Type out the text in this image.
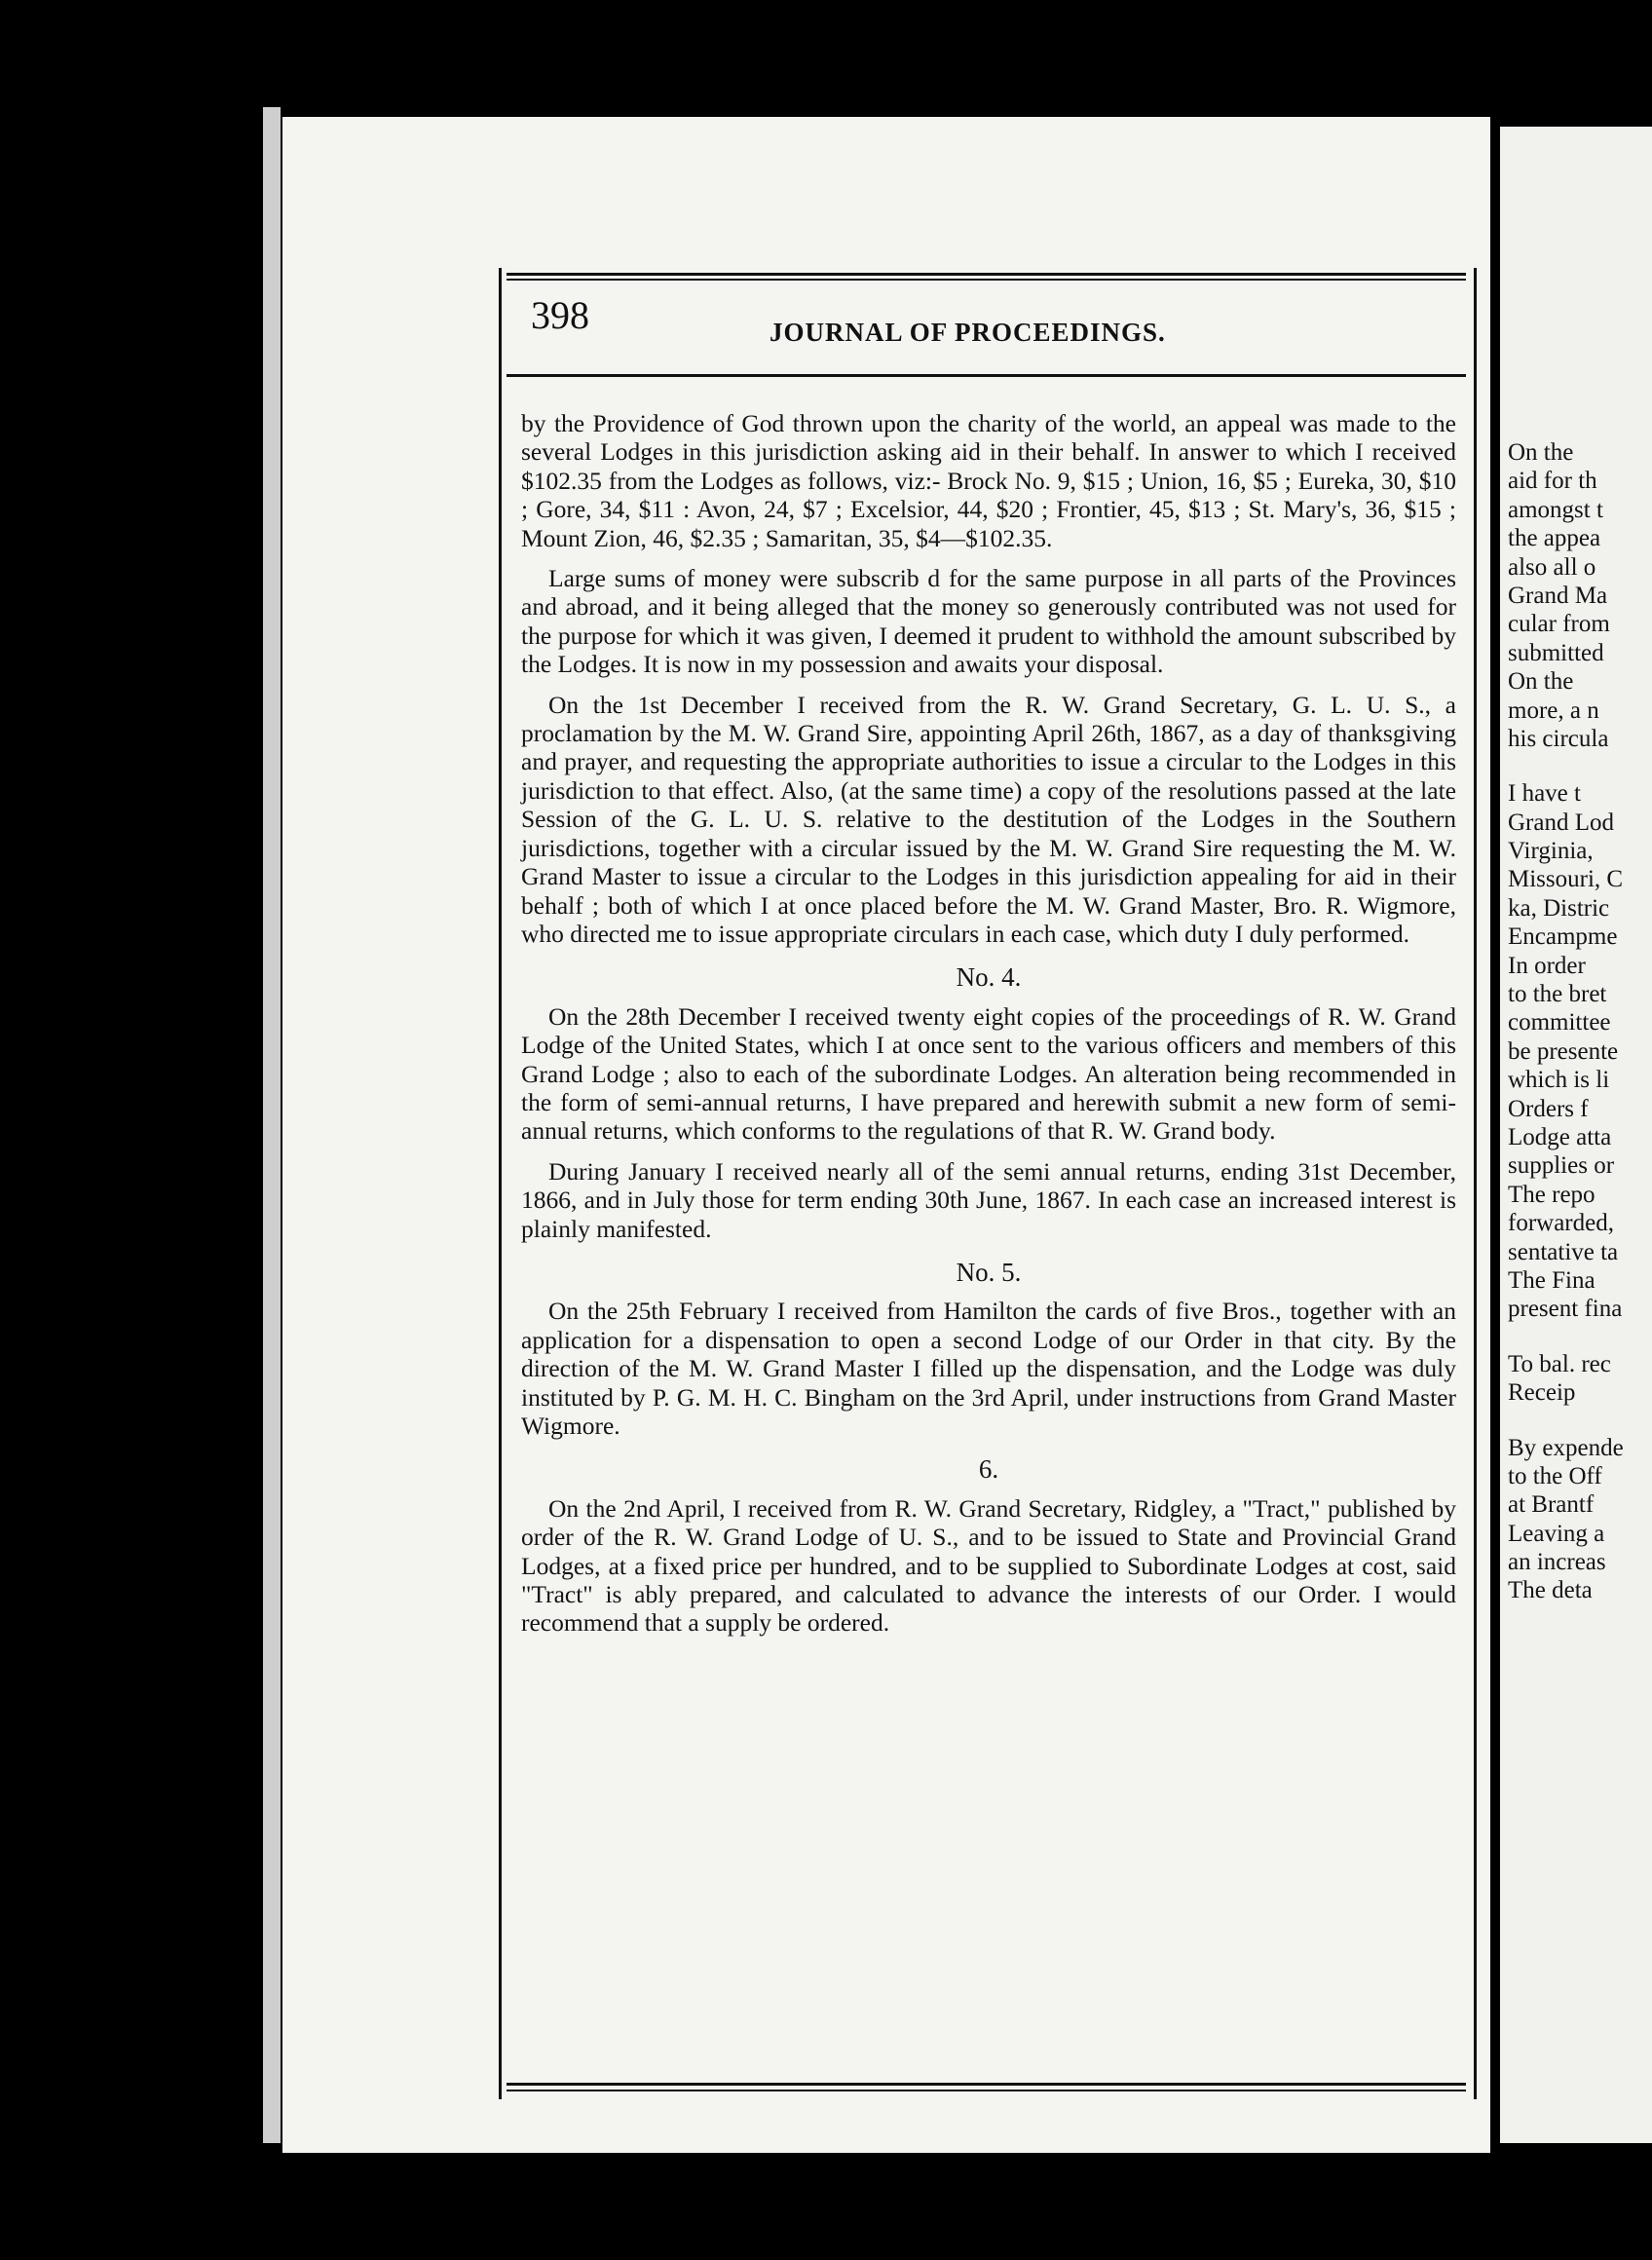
On the
aid for th
amongst t
the appea
also all o
Grand Ma
cular from
submitted
On the
more, a n
his circula
I have t
Grand Lod
Virginia,
Missouri, C
ka, Distric
Encampme
In order
to the bret
committee
be presente
which is li
Orders f
Lodge atta
supplies or
The repo
forwarded,
sentative ta
The Fina
present fina
To bal. rec
Receip
By expende
to the Off
at Brantf
Leaving a
an increas
The deta
398	JOURNAL OF PROCEEDINGS.

by the Providence of God thrown upon the charity of the world, an appeal was made to the several Lodges in this jurisdiction asking aid in their behalf. In answer to which I received $102.35 from the Lodges as follows, viz:- Brock No. 9, $15 ; Union, 16, $5 ; Eureka, 30, $10 ; Gore, 34, $11 : Avon, 24, $7 ; Excelsior, 44, $20 ; Frontier, 45, $13 ; St. Mary's, 36, $15 ; Mount Zion, 46, $2.35 ; Samaritan, 35, $4—$102.35.

Large sums of money were subscrib d for the same purpose in all parts of the Provinces and abroad, and it being alleged that the money so generously contributed was not used for the purpose for which it was given, I deemed it prudent to withhold the amount subscribed by the Lodges. It is now in my possession and awaits your disposal.

On the 1st December I received from the R. W. Grand Secretary, G. L. U. S., a proclamation by the M. W. Grand Sire, appointing April 26th, 1867, as a day of thanksgiving and prayer, and requesting the appropriate authorities to issue a circular to the Lodges in this jurisdiction to that effect. Also, (at the same time) a copy of the resolutions passed at the late Session of the G. L. U. S. relative to the destitution of the Lodges in the Southern jurisdictions, together with a circular issued by the M. W. Grand Sire requesting the M. W. Grand Master to issue a circular to the Lodges in this jurisdiction appealing for aid in their behalf ; both of which I at once placed before the M. W. Grand Master, Bro. R. Wigmore, who directed me to issue appropriate circulars in each case, which duty I duly performed.

No. 4.

On the 28th December I received twenty eight copies of the proceedings of R. W. Grand Lodge of the United States, which I at once sent to the various officers and members of this Grand Lodge ; also to each of the subordinate Lodges. An alteration being recommended in the form of semi-annual returns, I have prepared and herewith submit a new form of semi-annual returns, which conforms to the regulations of that R. W. Grand body.

During January I received nearly all of the semi annual returns, ending 31st December, 1866, and in July those for term ending 30th June, 1867. In each case an increased interest is plainly manifested.

No. 5.

On the 25th February I received from Hamilton the cards of five Bros., together with an application for a dispensation to open a second Lodge of our Order in that city. By the direction of the M. W. Grand Master I filled up the dispensation, and the Lodge was duly instituted by P. G. M. H. C. Bingham on the 3rd April, under instructions from Grand Master Wigmore.

6.

On the 2nd April, I received from R. W. Grand Secretary, Ridgley, a "Tract," published by order of the R. W. Grand Lodge of U. S., and to be issued to State and Provincial Grand Lodges, at a fixed price per hundred, and to be supplied to Subordinate Lodges at cost, said "Tract" is ably prepared, and calculated to advance the interests of our Order. I would recommend that a supply be ordered.
